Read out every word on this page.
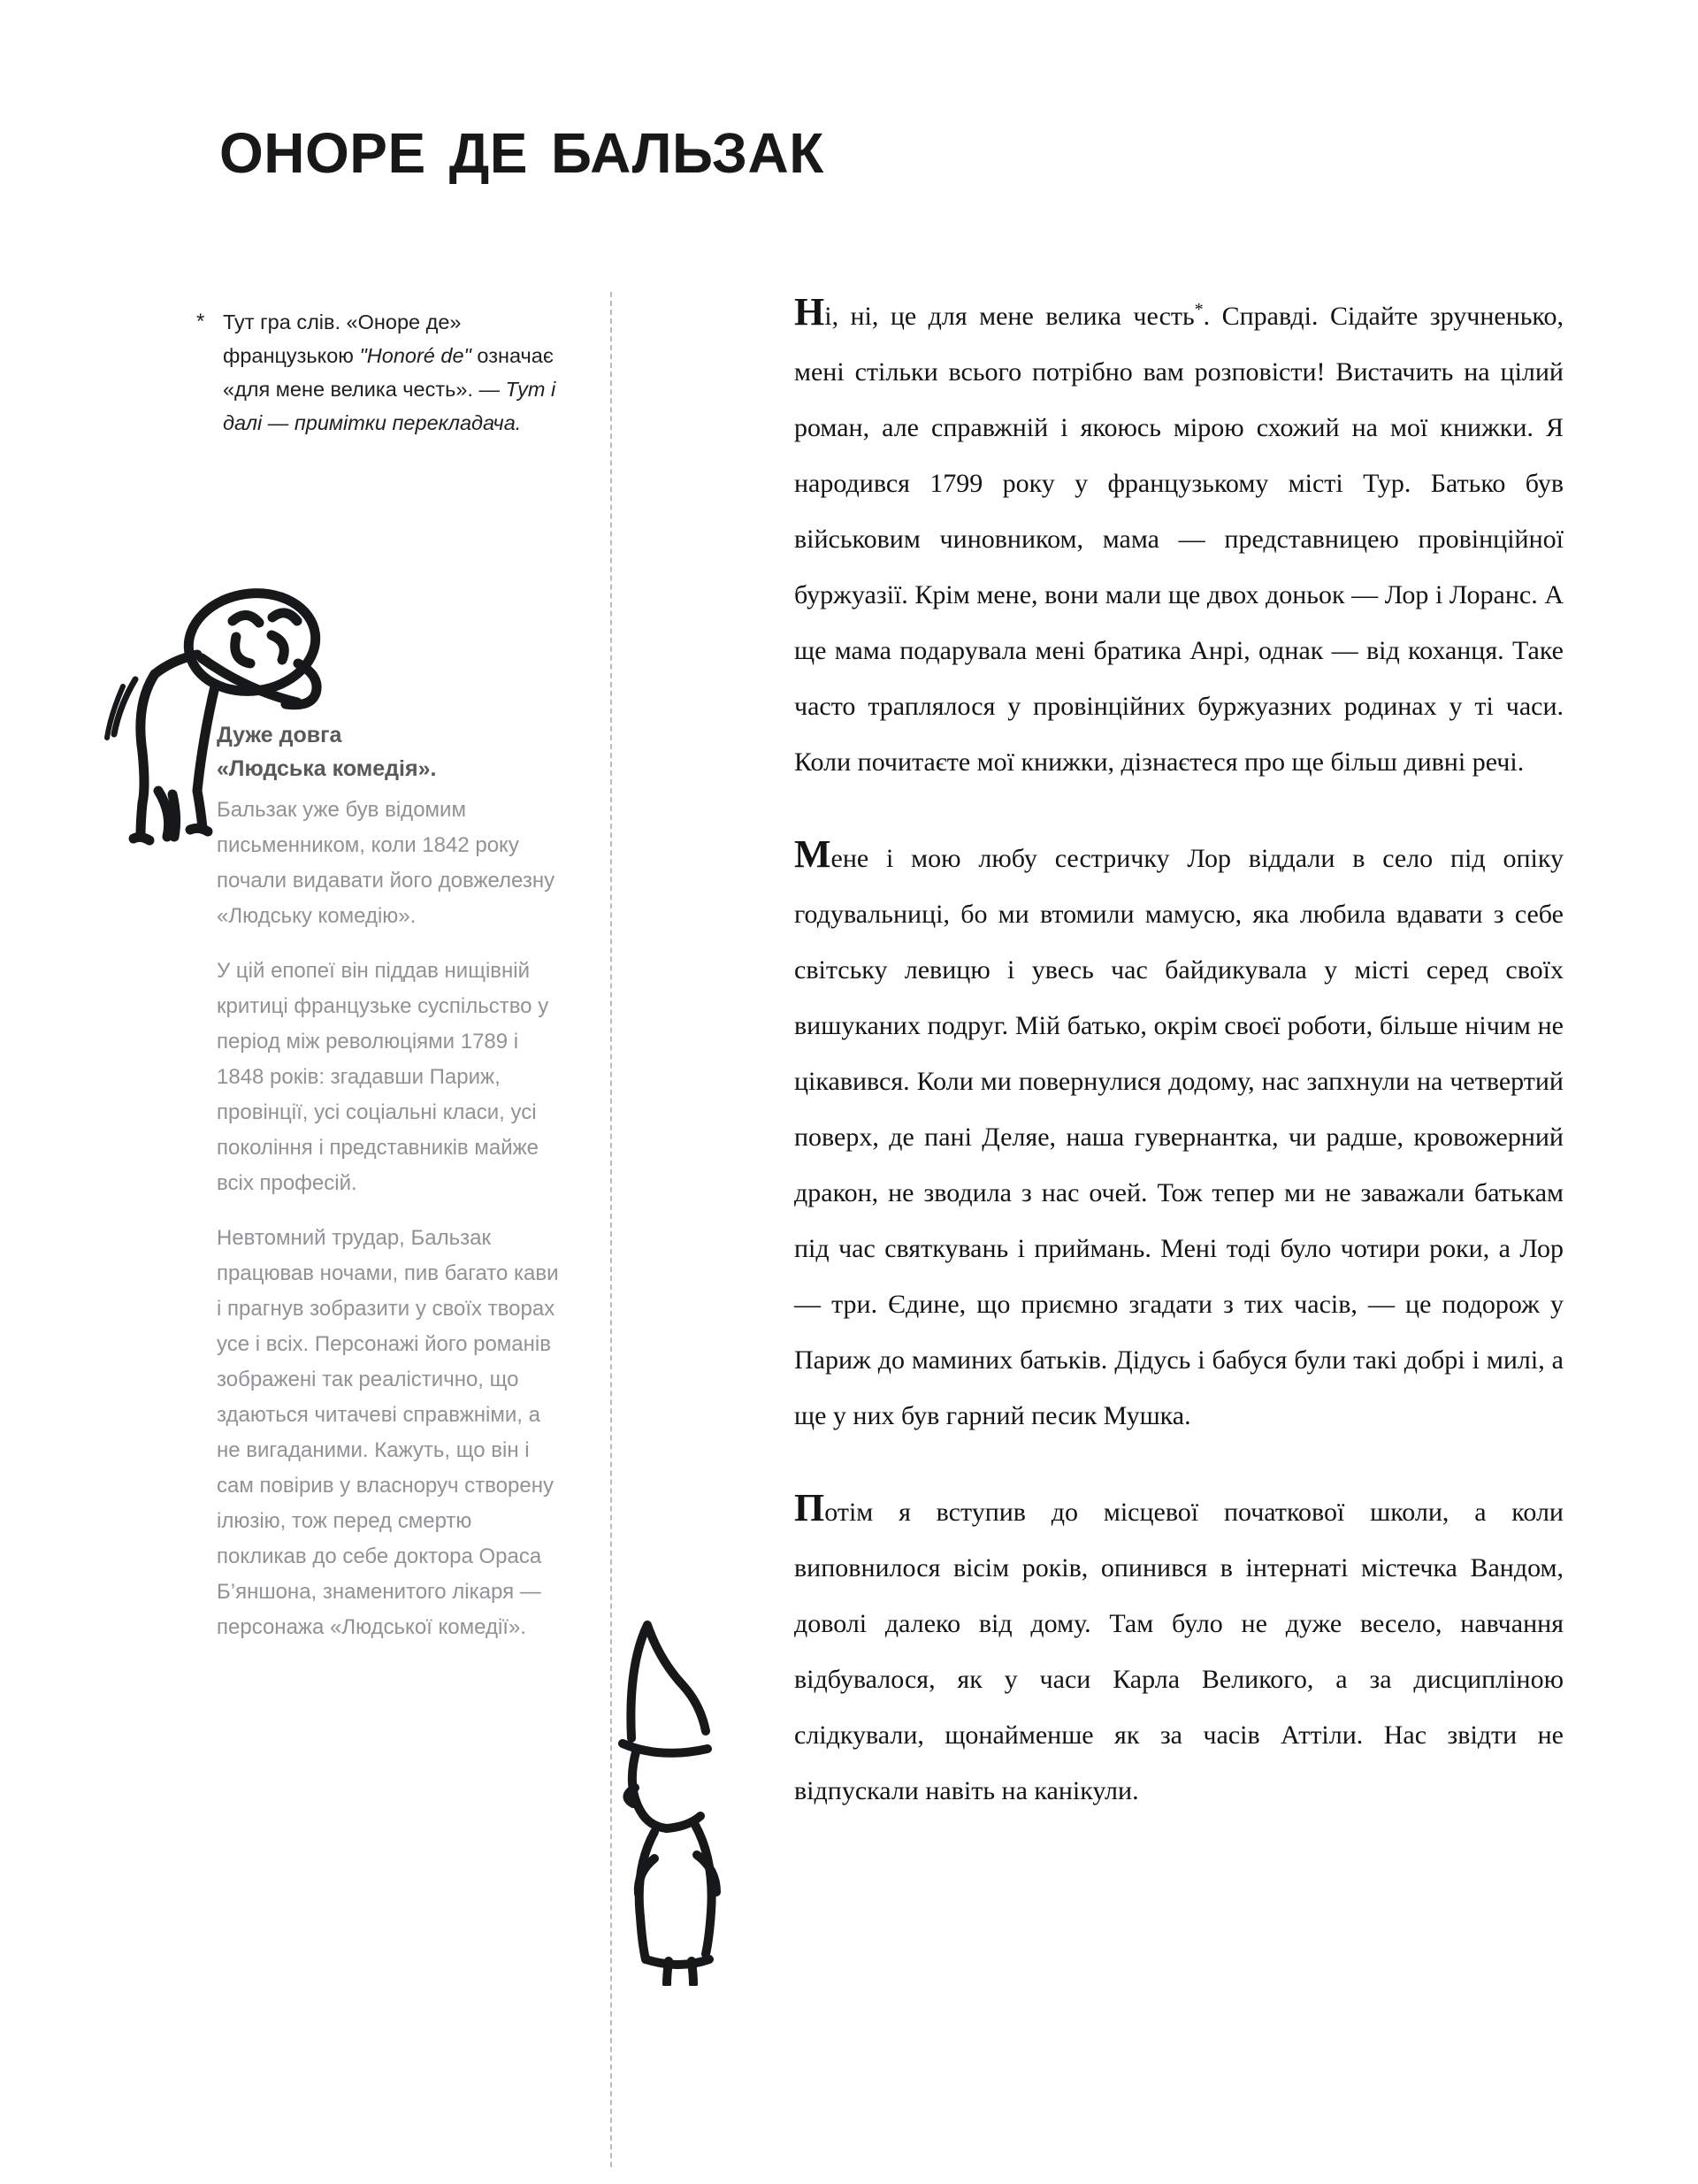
оноре де бальзак
* Тут гра слів. «Оноре де» французькою "Honoré de" означає «для мене велика честь». — Тут і далі — примітки перекладача.
Дуже довга
«Людська комедія».

Бальзак уже був відомим письменником, коли 1842 року почали видавати його довжелезну «Людську комедію».

У цій епопеї він піддав нищівній критиці французьке суспільство у період між революціями 1789 і 1848 років: згадавши Париж, провінції, усі соціальні класи, усі покоління і представників майже всіх професій.

Невтомний трудар, Бальзак працював ночами, пив багато кави і прагнув зобразити у своїх творах усе і всіх. Персонажі його романів зображені так реалістично, що здаються читачеві справжніми, а не вигаданими. Кажуть, що він і сам повірив у власноруч створену ілюзію, тож перед смертю покликав до себе доктора Ораса Б’яншона, знаменитого лікаря — персонажа «Людської комедії».

Ні, ні, це для мене велика честь*. Справді. Сідайте зручненько, мені стільки всього потрібно вам розповісти! Вистачить на цілий роман, але справжній і якоюсь мірою схожий на мої книжки. Я народився 1799 року у французькому місті Тур. Батько був військовим чиновником, мама — представницею провінційної буржуазії. Крім мене, вони мали ще двох доньок — Лор і Лоранс. А ще мама подарувала мені братика Анрі, однак — від коханця. Таке часто траплялося у провінційних буржуазних родинах у ті часи. Коли почитаєте мої книжки, дізнаєтеся про ще більш дивні речі.

Мене і мою любу сестричку Лор віддали в село під опіку годувальниці, бо ми втомили мамусю, яка любила вдавати з себе світську левицю і увесь час байдикувала у місті серед своїх вишуканих подруг. Мій батько, окрім своєї роботи, більше нічим не цікавився. Коли ми повернулися додому, нас запхнули на четвертий поверх, де пані Деляе, наша гувернантка, чи радше, кровожерний дракон, не зводила з нас очей. Тож тепер ми не заважали батькам під час святкувань і приймань. Мені тоді було чотири роки, а Лор — три. Єдине, що приємно згадати з тих часів, — це подорож у Париж до маминих батьків. Дідусь і бабуся були такі добрі і милі, а ще у них був гарний песик Мушка.

Потім я вступив до місцевої початкової школи, а коли виповнилося вісім років, опинився в інтернаті містечка Вандом, доволі далеко від дому. Там було не дуже весело, навчання відбувалося, як у часи Карла Великого, а за дисципліною слідкували, щонайменше як за часів Аттіли. Нас звідти не відпускали навіть на канікули.
